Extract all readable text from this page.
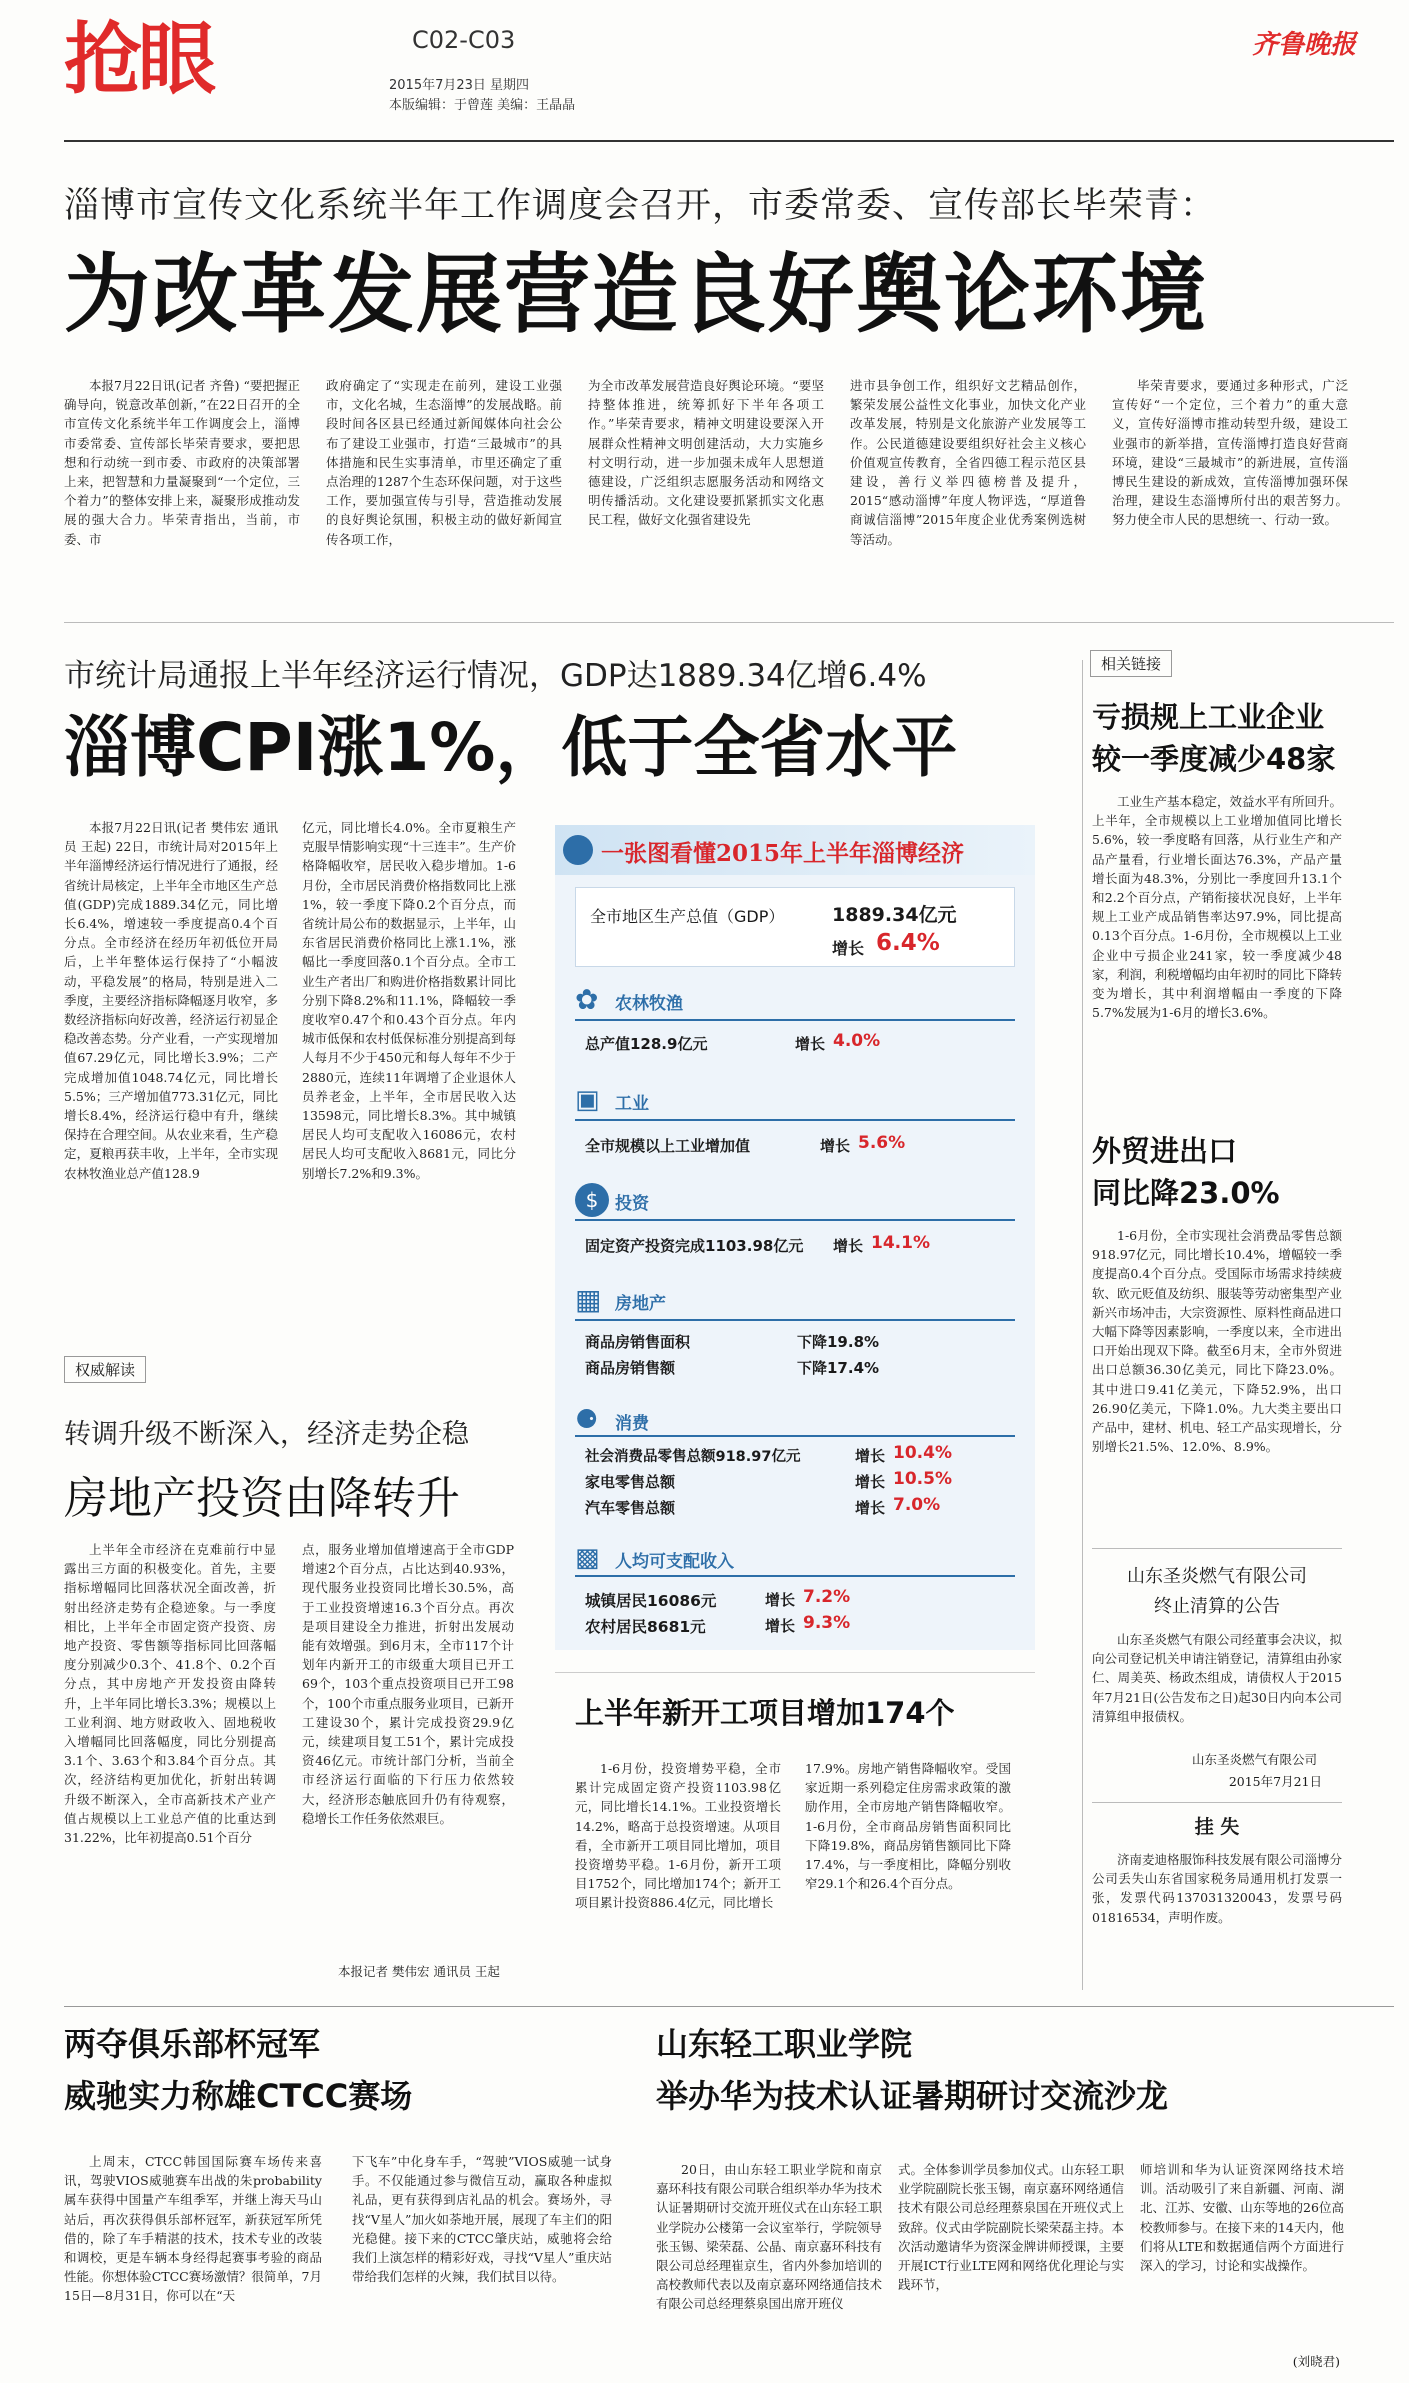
抢眼	C02-C03
2015年7月23日 星期四
本版编辑：于曾莲 美编：王晶晶
齐鲁晚报
淄博市宣传文化系统半年工作调度会召开，市委常委、宣传部长毕荣青：
为改革发展营造良好舆论环境

本报7月22日讯(记者 齐鲁) “要把握正确导向，锐意改革创新，”在22日召开的全市宣传文化系统半年工作调度会上，淄博市委常委、宣传部长毕荣青要求，要把思想和行动统一到市委、市政府的决策部署上来，把智慧和力量凝聚到“一个定位，三个着力”的整体安排上来，凝聚形成推动发展的强大合力。毕荣青指出，当前，市委、市

政府确定了“实现走在前列，建设工业强市，文化名城，生态淄博”的发展战略。前段时间各区县已经通过新闻媒体向社会公布了建设工业强市，打造“三最城市”的具体措施和民生实事清单，市里还确定了重点治理的1287个生态环保问题，对于这些工作，要加强宣传与引导，营造推动发展的良好舆论氛围，积极主动的做好新闻宣传各项工作，

为全市改革发展营造良好舆论环境。“要坚持整体推进，统筹抓好下半年各项工作。”毕荣青要求，精神文明建设要深入开展群众性精神文明创建活动，大力实施乡村文明行动，进一步加强未成年人思想道德建设，广泛组织志愿服务活动和网络文明传播活动。文化建设要抓紧抓实文化惠民工程，做好文化强省建设先

进市县争创工作，组织好文艺精品创作，繁荣发展公益性文化事业，加快文化产业改革发展，特别是文化旅游产业发展等工作。公民道德建设要组织好社会主义核心价值观宣传教育，全省四德工程示范区县建设，善行义举四德榜普及提升，2015“感动淄博”年度人物评选，“厚道鲁商诚信淄博”2015年度企业优秀案例选树等活动。

毕荣青要求，要通过多种形式，广泛宣传好“一个定位，三个着力”的重大意义，宣传好淄博市推动转型升级，建设工业强市的新举措，宣传淄博打造良好营商环境，建设“三最城市”的新进展，宣传淄博民生建设的新成效，宣传淄博加强环保治理，建设生态淄博所付出的艰苦努力。努力使全市人民的思想统一、行动一致。

市统计局通报上半年经济运行情况，GDP达1889.34亿增6.4%
淄博CPI涨1%，低于全省水平

本报7月22日讯(记者 樊伟宏 通讯员 王起) 22日，市统计局对2015年上半年淄博经济运行情况进行了通报，经省统计局核定，上半年全市地区生产总值(GDP)完成1889.34亿元，同比增长6.4%，增速较一季度提高0.4个百分点。全市经济在经历年初低位开局后，上半年整体运行保持了“小幅波动，平稳发展”的格局，特别是进入二季度，主要经济指标降幅逐月收窄，多数经济指标向好改善，经济运行初显企稳改善态势。分产业看，一产实现增加值67.29亿元，同比增长3.9%；二产完成增加值1048.74亿元，同比增长5.5%；三产增加值773.31亿元，同比增长8.4%，经济运行稳中有升，继续保持在合理空间。从农业来看，生产稳定，夏粮再获丰收，上半年，全市实现农林牧渔业总产值128.9

亿元，同比增长4.0%。全市夏粮生产克服旱情影响实现“十三连丰”。生产价格降幅收窄，居民收入稳步增加。1-6月份，全市居民消费价格指数同比上涨1%，较一季度下降0.2个百分点，而省统计局公布的数据显示，上半年，山东省居民消费价格同比上涨1.1%，涨幅比一季度回落0.1个百分点。全市工业生产者出厂和购进价格指数累计同比分别下降8.2%和11.1%，降幅较一季度收窄0.47个和0.43个百分点。年内城市低保和农村低保标准分别提高到每人每月不少于450元和每人每年不少于2880元，连续11年调增了企业退休人员养老金，上半年，全市居民收入达13598元，同比增长8.3%。其中城镇居民人均可支配收入16086元，农村居民人均可支配收入8681元，同比分别增长7.2%和9.3%。

一张图看懂2015年上半年淄博经济
全市地区生产总值（GDP）	1889.34亿元
增长 6.4%
✿ 农林牧渔
总产值128.9亿元	增长 4.0%
▣ 工业
全市规模以上工业增加值	增长 5.6%
$ 投资
固定资产投资完成1103.98亿元 增长 14.1%
▦ 房地产
商品房销售面积	下降19.8%
商品房销售额	下降17.4%
⚈ 消费
社会消费品零售总额918.97亿元	增长 10.4%
家电零售总额	增长 10.5%
汽车零售总额	增长 7.0%
▩ 人均可支配收入
城镇居民16086元	增长 7.2%
农村居民8681元	增长 9.3%
权威解读
转调升级不断深入，经济走势企稳
房地产投资由降转升

上半年全市经济在克难前行中显露出三方面的积极变化。首先，主要指标增幅同比回落状况全面改善，折射出经济走势有企稳迹象。与一季度相比，上半年全市固定资产投资、房地产投资、零售额等指标同比回落幅度分别减少0.3个、41.8个、0.2个百分点，其中房地产开发投资由降转升，上半年同比增长3.3%；规模以上工业利润、地方财政收入、固地税收入增幅同比回落幅度，同比分别提高3.1个、3.63个和3.84个百分点。其次，经济结构更加优化，折射出转调升级不断深入，全市高新技术产业产值占规模以上工业总产值的比重达到31.22%，比年初提高0.51个百分

点，服务业增加值增速高于全市GDP增速2个百分点，占比达到40.93%，现代服务业投资同比增长30.5%，高于工业投资增速16.3个百分点。再次是项目建设全力推进，折射出发展动能有效增强。到6月末，全市117个计划年内新开工的市级重大项目已开工69个，103个重点投资项目已开工98个，100个市重点服务业项目，已新开工建设30个，累计完成投资29.9亿元，续建项目复工51个，累计完成投资46亿元。市统计部门分析，当前全市经济运行面临的下行压力依然较大，经济形态触底回升仍有待观察，稳增长工作任务依然艰巨。

本报记者 樊伟宏 通讯员 王起
上半年新开工项目增加174个

1-6月份，投资增势平稳，全市累计完成固定资产投资1103.98亿元，同比增长14.1%。工业投资增长14.2%，略高于总投资增速。从项目看，全市新开工项目同比增加，项目投资增势平稳。1-6月份，新开工项目1752个，同比增加174个；新开工项目累计投资886.4亿元，同比增长

17.9%。房地产销售降幅收窄。受国家近期一系列稳定住房需求政策的激励作用，全市房地产销售降幅收窄。1-6月份，全市商品房销售面积同比下降19.8%，商品房销售额同比下降17.4%，与一季度相比，降幅分别收窄29.1个和26.4个百分点。

相关链接
亏损规上工业企业
较一季度减少48家

工业生产基本稳定，效益水平有所回升。上半年，全市规模以上工业增加值同比增长5.6%，较一季度略有回落，从行业生产和产品产量看，行业增长面达76.3%，产品产量增长面为48.3%，分别比一季度回升13.1个和2.2个百分点，产销衔接状况良好，上半年规上工业产成品销售率达97.9%，同比提高0.13个百分点。1-6月份，全市规模以上工业企业中亏损企业241家，较一季度减少48家，利润，利税增幅均由年初时的同比下降转变为增长，其中利润增幅由一季度的下降5.7%发展为1-6月的增长3.6%。

外贸进出口
同比降23.0%

1-6月份，全市实现社会消费品零售总额918.97亿元，同比增长10.4%，增幅较一季度提高0.4个百分点。受国际市场需求持续疲软、欧元贬值及纺织、服装等劳动密集型产业新兴市场冲击，大宗资源性、原料性商品进口大幅下降等因素影响，一季度以来，全市进出口开始出现双下降。截至6月末，全市外贸进出口总额36.30亿美元，同比下降23.0%。其中进口9.41亿美元，下降52.9%，出口26.90亿美元，下降1.0%。九大类主要出口产品中，建材、机电、轻工产品实现增长，分别增长21.5%、12.0%、8.9%。

山东圣炎燃气有限公司
终止清算的公告

山东圣炎燃气有限公司经董事会决议，拟向公司登记机关申请注销登记，清算组由孙家仁、周美英、杨政杰组成，请债权人于2015年7月21日(公告发布之日)起30日内向本公司清算组申报债权。

山东圣炎燃气有限公司
2015年7月21日
挂 失

济南麦迪格服饰科技发展有限公司淄博分公司丢失山东省国家税务局通用机打发票一张，发票代码137031320043，发票号码01816534，声明作废。

两夺俱乐部杯冠军
威驰实力称雄CTCC赛场

上周末，CTCC韩国国际赛车场传来喜讯，驾驶VIOS威驰赛车出战的朱probability属车获得中国量产车组季军，并继上海天马山站后，再次获得俱乐部杯冠军，新获冠军所凭借的，除了车手精湛的技术，技术专业的改装和调校，更是车辆本身经得起赛事考验的商品性能。你想体验CTCC赛场激情？很简单，7月15日—8月31日，你可以在“天

下飞车”中化身车手，“驾驶”VIOS威驰一试身手。不仅能通过参与微信互动，赢取各种虚拟礼品，更有获得到店礼品的机会。赛场外，寻找“V星人”加火如荼地开展，展现了车主们的阳光稳健。接下来的CTCC肇庆站，威驰将会给我们上演怎样的精彩好戏，寻找“V星人”重庆站带给我们怎样的火辣，我们拭目以待。

山东轻工职业学院
举办华为技术认证暑期研讨交流沙龙

20日，由山东轻工职业学院和南京嘉环科技有限公司联合组织举办华为技术认证暑期研讨交流开班仪式在山东轻工职业学院办公楼第一会议室举行，学院领导张玉锡、梁荣磊、公晶、南京嘉环科技有限公司总经理崔京生，省内外参加培训的高校教师代表以及南京嘉环网络通信技术有限公司总经理蔡泉国出席开班仪

式。全体参训学员参加仪式。山东轻工职业学院副院长张玉锡，南京嘉环网络通信技术有限公司总经理蔡泉国在开班仪式上致辞。仪式由学院副院长梁荣磊主持。本次活动邀请华为资深金牌讲师授课，主要开展ICT行业LTE网和网络优化理论与实践环节，

师培训和华为认证资深网络技术培训。活动吸引了来自新疆、河南、湖北、江苏、安徽、山东等地的26位高校教师参与。在接下来的14天内，他们将从LTE和数据通信两个方面进行深入的学习，讨论和实战操作。

(刘晓君)
